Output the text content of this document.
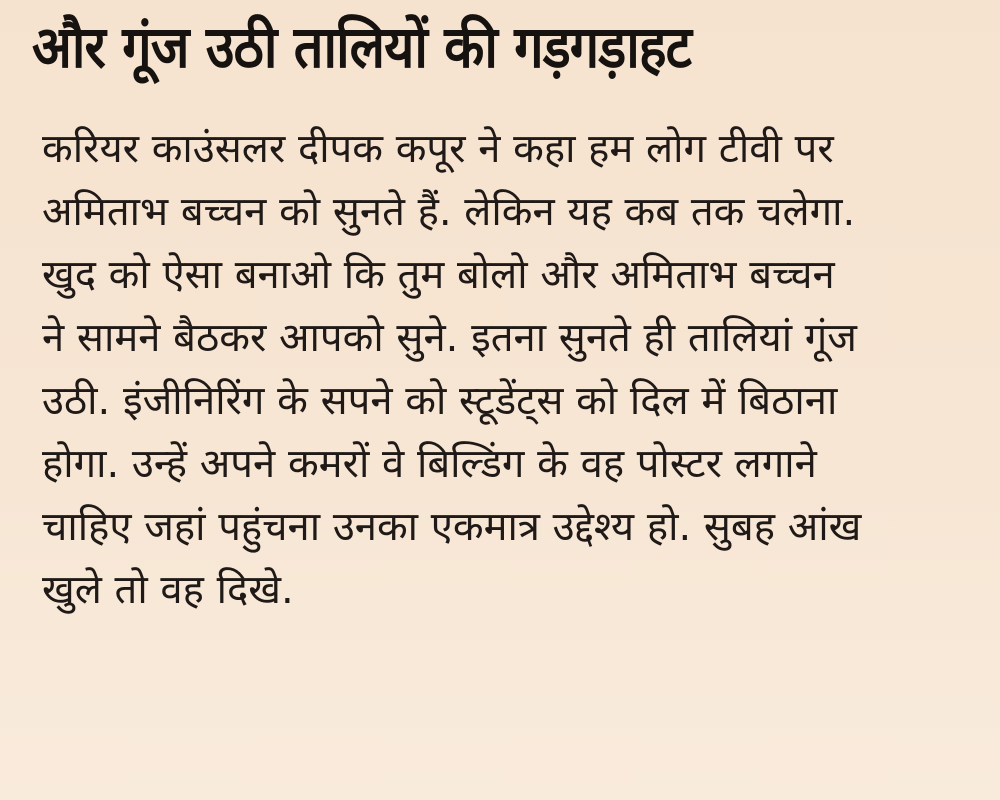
और गूंज उठी तालियों की गड़गड़ाहट
करियर काउंसलर दीपक कपूर ने कहा हम लोग टीवी पर
अमिताभ बच्चन को सुनते हैं. लेकिन यह कब तक चलेगा.
खुद को ऐसा बनाओ कि तुम बोलो और अमिताभ बच्चन
ने सामने बैठकर आपको सुने. इतना सुनते ही तालियां गूंज
उठी. इंजीनिरिंग के सपने को स्टूडेंट्स को दिल में बिठाना
होगा. उन्हें अपने कमरों वे बिल्डिंग के वह पोस्टर लगाने
चाहिए जहां पहुंचना उनका एकमात्र उद्देश्य हो. सुबह आंख
खुले तो वह दिखे.
